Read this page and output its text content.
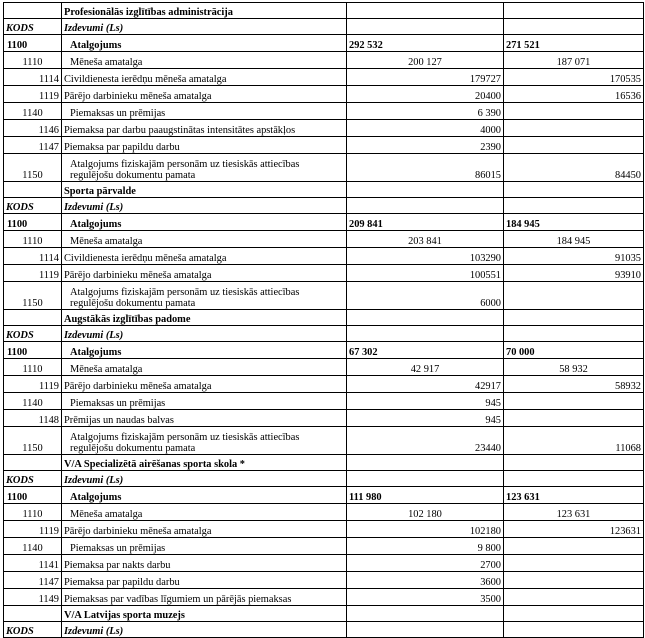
	Profesionālās izglītības administrācija		
KODS	Izdevumi (Ls)		
1100	Atalgojums	292 532	271 521
1110	Mēneša amatalga	200 127	187 071
1114	Civildienesta ierēdņu mēneša amatalga	179727	170535
1119	Pārējo darbinieku mēneša amatalga	20400	16536
1140	Piemaksas un prēmijas	6 390	
1146	Piemaksa par darbu paaugstinātas intensitātes apstākļos	4000	
1147	Piemaksa par papildu darbu	2390	
1150	Atalgojums fiziskajām personām uz tiesiskās attiecības regulējošu dokumentu pamata	86015	84450
	Sporta pārvalde		
KODS	Izdevumi (Ls)		
1100	Atalgojums	209 841	184 945
1110	Mēneša amatalga	203 841	184 945
1114	Civildienesta ierēdņu mēneša amatalga	103290	91035
1119	Pārējo darbinieku mēneša amatalga	100551	93910
1150	Atalgojums fiziskajām personām uz tiesiskās attiecības regulējošu dokumentu pamata	6000	
	Augstākās izglītības padome		
KODS	Izdevumi (Ls)		
1100	Atalgojums	67 302	70 000
1110	Mēneša amatalga	42 917	58 932
1119	Pārējo darbinieku mēneša amatalga	42917	58932
1140	Piemaksas un prēmijas	945	
1148	Prēmijas un naudas balvas	945	
1150	Atalgojums fiziskajām personām uz tiesiskās attiecības regulējošu dokumentu pamata	23440	11068
	V/A Specializētā airēšanas sporta skola *		
KODS	Izdevumi (Ls)		
1100	Atalgojums	111 980	123 631
1110	Mēneša amatalga	102 180	123 631
1119	Pārējo darbinieku mēneša amatalga	102180	123631
1140	Piemaksas un prēmijas	9 800	
1141	Piemaksa par nakts darbu	2700	
1147	Piemaksa par papildu darbu	3600	
1149	Piemaksas par vadības līgumiem un pārējās piemaksas	3500	
	V/A Latvijas sporta muzejs		
KODS	Izdevumi (Ls)		
